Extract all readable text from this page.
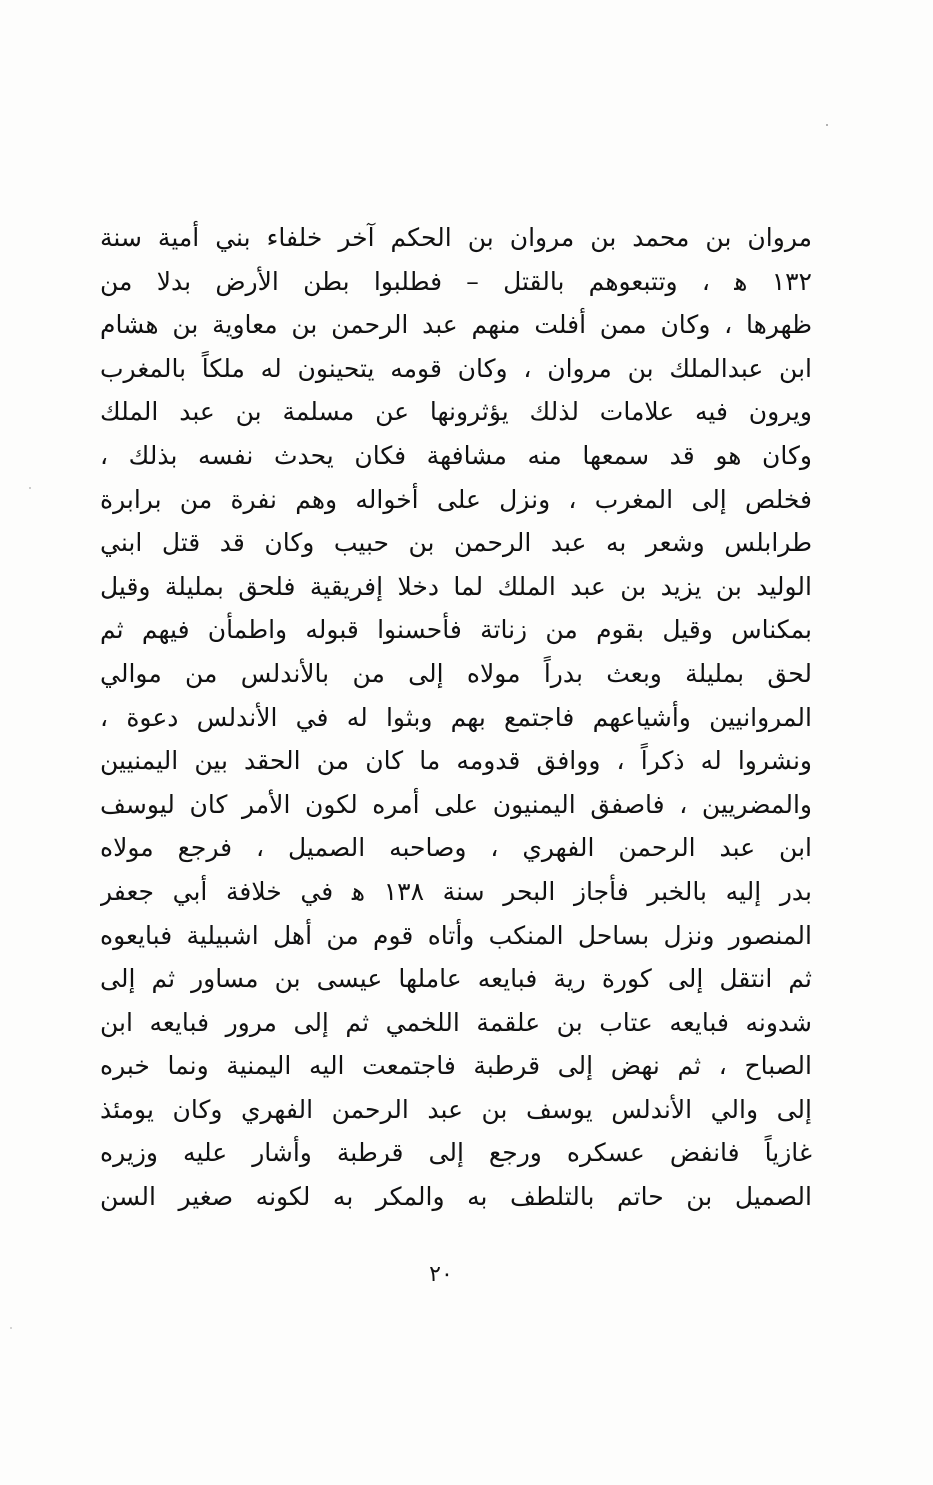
مروان بن محمد بن مروان بن الحكم آخر خلفاء بني أمية سنة
١٣٢ ﻫ ، وتتبعوهم بالقتل – فطلبوا بطن الأرض بدلا من
ظهرها ، وكان ممن أفلت منهم عبد الرحمن بن معاوية بن هشام
ابن عبدالملك بن مروان ، وكان قومه يتحينون له ملكاً بالمغرب
ويرون فيه علامات لذلك يؤثرونها عن مسلمة بن عبد الملك
وكان هو قد سمعها منه مشافهة فكان يحدث نفسه بذلك ،
فخلص إلى المغرب ، ونزل على أخواله وهم نفرة من برابرة
طرابلس وشعر به عبد الرحمن بن حبيب وكان قد قتل ابني
الوليد بن يزيد بن عبد الملك لما دخلا إفريقية فلحق بمليلة وقيل
بمكناس وقيل بقوم من زناتة فأحسنوا قبوله واطمأن فيهم ثم
لحق بمليلة وبعث بدراً مولاه إلى من بالأندلس من موالي
المروانيين وأشياعهم فاجتمع بهم وبثوا له في الأندلس دعوة ،
ونشروا له ذكراً ، ووافق قدومه ما كان من الحقد بين اليمنيين
والمضريين ، فاصفق اليمنيون على أمره لكون الأمر كان ليوسف
ابن عبد الرحمن الفهري ، وصاحبه الصميل ، فرجع مولاه
بدر إليه بالخبر فأجاز البحر سنة ١٣٨ ﻫ في خلافة أبي جعفر
المنصور ونزل بساحل المنكب وأتاه قوم من أهل اشبيلية فبايعوه
ثم انتقل إلى كورة رية فبايعه عاملها عيسى بن مساور ثم إلى
شدونه فبايعه عتاب بن علقمة اللخمي ثم إلى مرور فبايعه ابن
الصباح ، ثم نهض إلى قرطبة فاجتمعت اليه اليمنية ونما خبره
إلى والي الأندلس يوسف بن عبد الرحمن الفهري وكان يومئذ
غازياً فانفض عسكره ورجع إلى قرطبة وأشار عليه وزيره
الصميل بن حاتم بالتلطف به والمكر به لكونه صغير السن
٢٠
